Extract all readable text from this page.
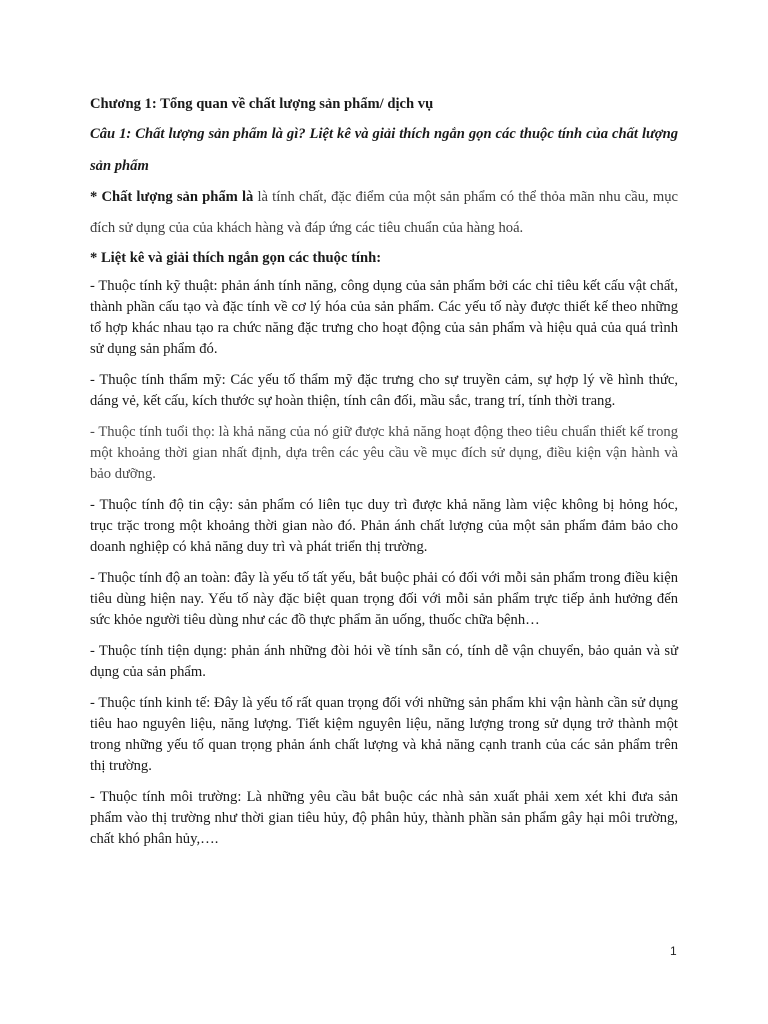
Chương 1: Tổng quan về chất lượng sản phẩm/ dịch vụ

Câu 1: Chất lượng sản phẩm là gì? Liệt kê và giải thích ngắn gọn các thuộc tính của chất lượng sản phẩm

* Chất lượng sản phẩm là là tính chất, đặc điểm của một sản phẩm có thể thỏa mãn nhu cầu, mục đích sử dụng của của khách hàng và đáp ứng các tiêu chuẩn của hàng hoá.

* Liệt kê và giải thích ngắn gọn các thuộc tính:

- Thuộc tính kỹ thuật: phản ánh tính năng, công dụng của sản phẩm bởi các chỉ tiêu kết cấu vật chất, thành phần cấu tạo và đặc tính về cơ lý hóa của sản phẩm. Các yếu tố này được thiết kế theo những tổ hợp khác nhau tạo ra chức năng đặc trưng cho hoạt động của sản phẩm và hiệu quả của quá trình sử dụng sản phẩm đó.

- Thuộc tính thẩm mỹ: Các yếu tố thẩm mỹ đặc trưng cho sự truyền cảm, sự hợp lý về hình thức, dáng vẻ, kết cấu, kích thước sự hoàn thiện, tính cân đối, mầu sắc, trang trí, tính thời trang.

- Thuộc tính tuổi thọ: là khả năng của nó giữ được khả năng hoạt động theo tiêu chuẩn thiết kế trong một khoảng thời gian nhất định, dựa trên các yêu cầu về mục đích sử dụng, điều kiện vận hành và bảo dưỡng.

- Thuộc tính độ tin cậy: sản phẩm có liên tục duy trì được khả năng làm việc không bị hỏng hóc, trục trặc trong một khoảng thời gian nào đó. Phản ánh chất lượng của một sản phẩm đảm bảo cho doanh nghiệp có khả năng duy trì và phát triển thị trường.

- Thuộc tính độ an toàn: đây là yếu tố tất yếu, bắt buộc phải có đối với mỗi sản phẩm trong điều kiện tiêu dùng hiện nay. Yếu tố này đặc biệt quan trọng đối với mỗi sản phẩm trực tiếp ảnh hưởng đến sức khỏe người tiêu dùng như các đồ thực phẩm ăn uống, thuốc chữa bệnh…

- Thuộc tính tiện dụng: phản ánh những đòi hỏi về tính sẵn có, tính dễ vận chuyển, bảo quản và sử dụng của sản phẩm.

- Thuộc tính kinh tế: Đây là yếu tố rất quan trọng đối với những sản phẩm khi vận hành cần sử dụng tiêu hao nguyên liệu, năng lượng. Tiết kiệm nguyên liệu, năng lượng trong sử dụng trở thành một trong những yếu tố quan trọng phản ánh chất lượng và khả năng cạnh tranh của các sản phẩm trên thị trường.

- Thuộc tính môi trường: Là những yêu cầu bắt buộc các nhà sản xuất phải xem xét khi đưa sản phẩm vào thị trường như thời gian tiêu hủy, độ phân hủy, thành phần sản phẩm gây hại môi trường, chất khó phân hủy,….

1
